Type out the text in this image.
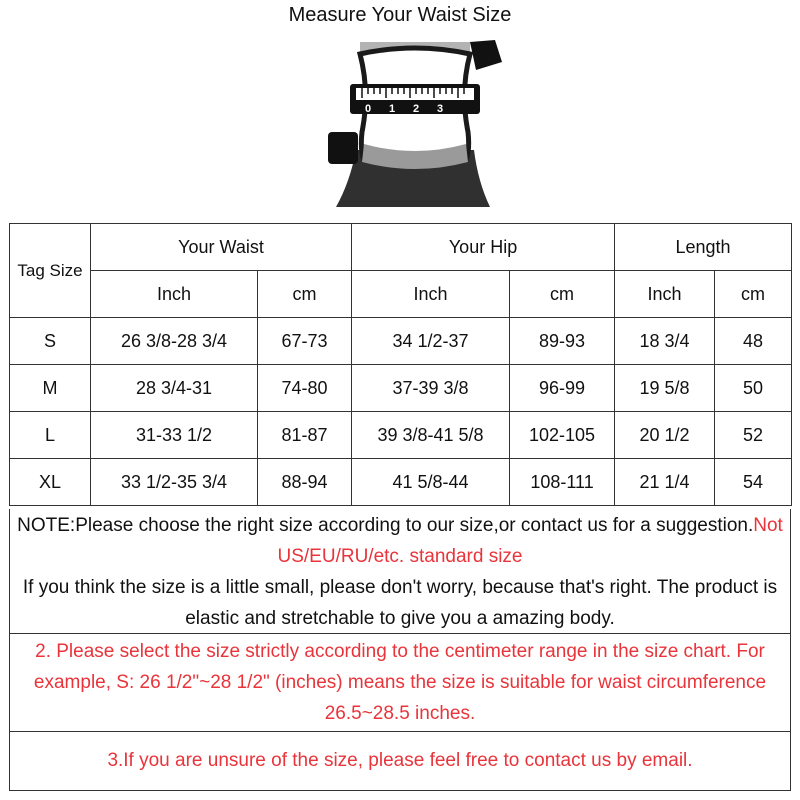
Measure Your Waist Size
0 1 2 3
Tag Size	Your Waist		Your Hip		Length	
	Inch	cm	Inch	cm	Inch	cm
S	26 3/8-28 3/4	67-73	34 1/2-37	89-93	18 3/4	48
M	28 3/4-31	74-80	37-39 3/8	96-99	19 5/8	50
L	31-33 1/2	81-87	39 3/8-41 5/8	102-105	20 1/2	52
XL	33 1/2-35 3/4	88-94	41 5/8-44	108-111	21 1/4	54
NOTE:Please choose the right size according to our size,or contact us for a suggestion.Not US/EU/RU/etc. standard size
If you think the size is a little small, please don't worry, because that's right. The product is elastic and stretchable to give you a amazing body.
2. Please select the size strictly according to the centimeter range in the size chart. For example, S: 26 1/2"~28 1/2" (inches) means the size is suitable for waist circumference 26.5~28.5 inches.
3.If you are unsure of the size, please feel free to contact us by email.
